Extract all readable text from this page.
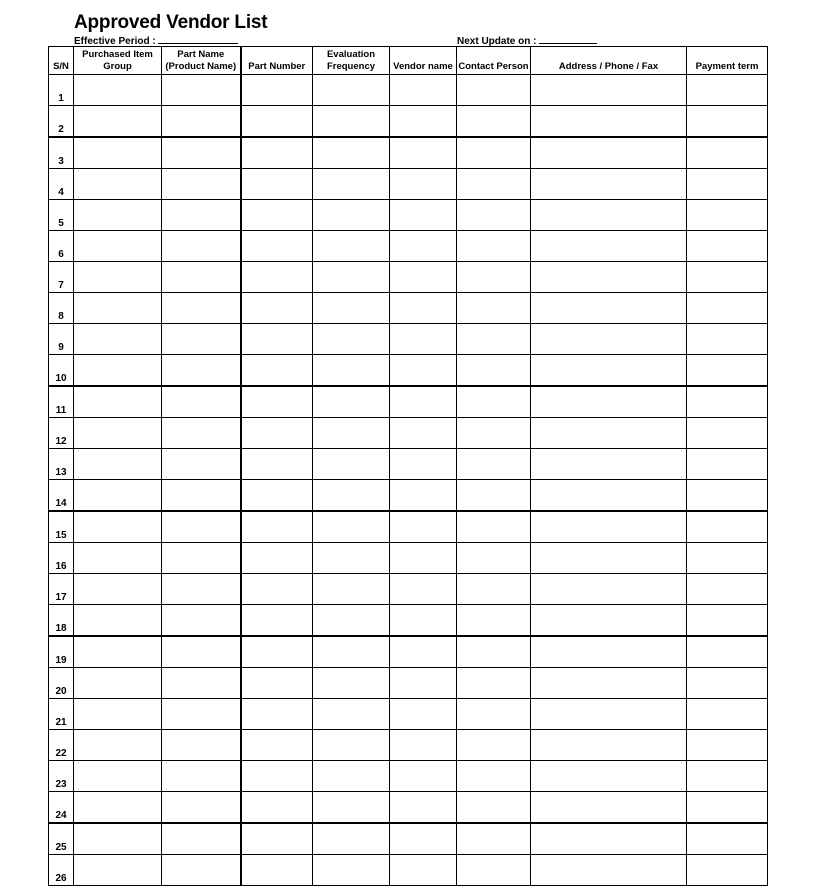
Approved Vendor List
Effective Period :	Next Update on :
S/N	Purchased Item Group	Part Name (Product Name)	Part Number	Evaluation Frequency	Vendor name	Contact Person	Address / Phone / Fax	Payment term
1								
2								
3								
4								
5								
6								
7								
8								
9								
10								
11								
12								
13								
14								
15								
16								
17								
18								
19								
20								
21								
22								
23								
24								
25								
26								
